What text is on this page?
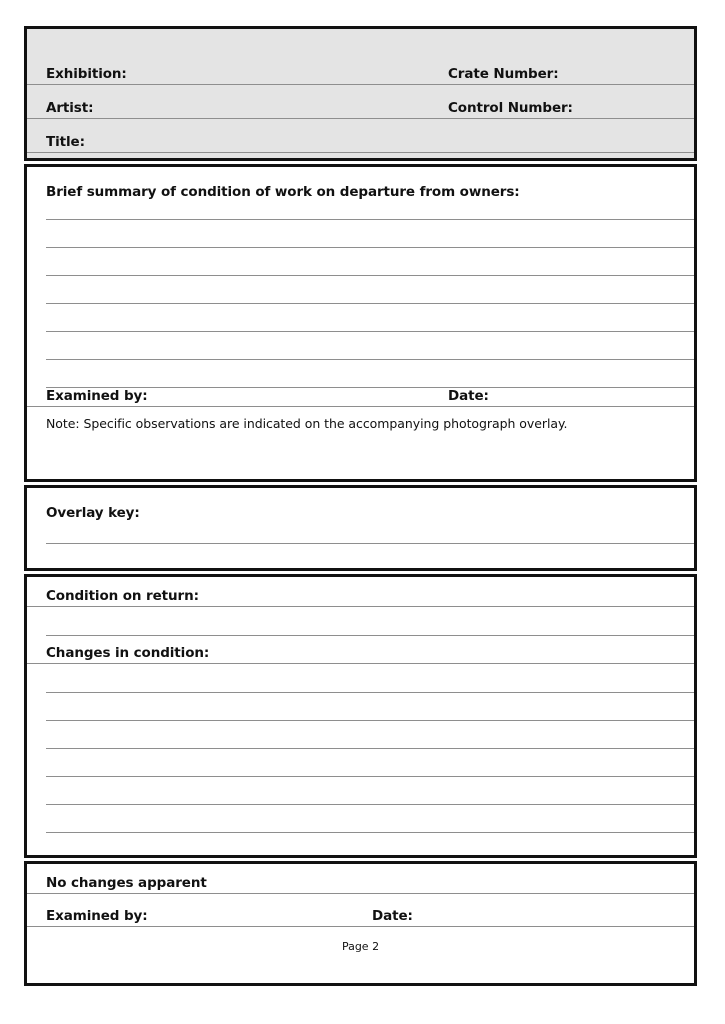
Exhibition:	Crate Number:
Artist:	Control Number:
Title:
Brief summary of condition of work on departure from owners:
Examined by:	Date:
Note: Specific observations are indicated on the accompanying photograph overlay.
Overlay key:
Condition on return:
Changes in condition:
No changes apparent
Examined by:	Date:
Page 2
